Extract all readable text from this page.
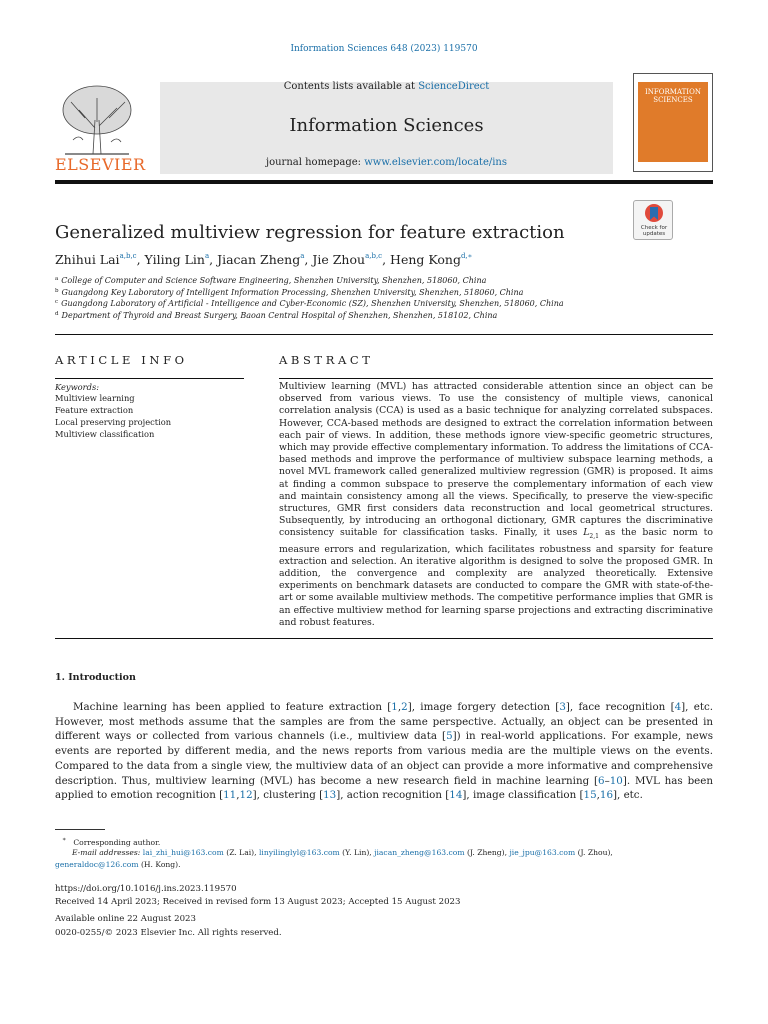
Information Sciences 648 (2023) 119570
ELSEVIER
Contents lists available at ScienceDirect
Information Sciences
journal homepage: www.elsevier.com/locate/ins
INFORMATION SCIENCES
Check for
updates
Generalized multiview regression for feature extraction
Zhihui Lai$^{a,b,c}$, Yiling Lin$^a$, Jiacan Zheng$^a$, Jie Zhou$^{a,b,c}$, Heng Kong$^{d,∗}$
$^a$ College of Computer and Science Software Engineering, Shenzhen University, Shenzhen, 518060, China
$^b$ Guangdong Key Laboratory of Intelligent Information Processing, Shenzhen University, Shenzhen, 518060, China
$^c$ Guangdong Laboratory of Artificial - Intelligence and Cyber-Economic (SZ), Shenzhen University, Shenzhen, 518060, China
$^d$ Department of Thyroid and Breast Surgery, Baoan Central Hospital of Shenzhen, Shenzhen, 518102, China
ARTICLE INFO
Keywords:
Multiview learning
Feature extraction
Local preserving projection
Multiview classification
ABSTRACT
Multiview learning (MVL) has attracted considerable attention since an object can be observed from various views. To use the consistency of multiple views, canonical correlation analysis (CCA) is used as a basic technique for analyzing correlated subspaces. However, CCA-based methods are designed to extract the correlation information between each pair of views. In addition, these methods ignore view-specific geometric structures, which may provide effective complementary information. To address the limitations of CCA-based methods and improve the performance of multiview subspace learning methods, a novel MVL framework called generalized multiview regression (GMR) is proposed. It aims at finding a common subspace to preserve the complementary information of each view and maintain consistency among all the views. Specifically, to preserve the view-specific structures, GMR first considers data reconstruction and local geometrical structures. Subsequently, by introducing an orthogonal dictionary, GMR captures the discriminative consistency suitable for classification tasks. Finally, it uses $L_{2,1}$ as the basic norm to measure errors and regularization, which facilitates robustness and sparsity for feature extraction and selection. An iterative algorithm is designed to solve the proposed GMR. In addition, the convergence and complexity are analyzed theoretically. Extensive experiments on benchmark datasets are conducted to compare the GMR with state-of-the-art or some available multiview methods. The competitive performance implies that GMR is an effective multiview method for learning sparse projections and extracting discriminative and robust features.
1. Introduction
Machine learning has been applied to feature extraction [1,2], image forgery detection [3], face recognition [4], etc. However, most methods assume that the samples are from the same perspective. Actually, an object can be presented in different ways or collected from various channels (i.e., multiview data [5]) in real-world applications. For example, news events are reported by different media, and the news reports from various media are the multiple views on the events. Compared to the data from a single view, the multiview data of an object can provide a more informative and comprehensive description. Thus, multiview learning (MVL) has become a new research field in machine learning [6–10]. MVL has been applied to emotion recognition [11,12], clustering [13], action recognition [14], image classification [15,16], etc.
∗ Corresponding author.
E-mail addresses: lai_zhi_hui@163.com (Z. Lai), linyilinglyl@163.com (Y. Lin), jiacan_zheng@163.com (J. Zheng), jie_jpu@163.com (J. Zhou),
generaldoc@126.com (H. Kong).
https://doi.org/10.1016/j.ins.2023.119570
Received 14 April 2023; Received in revised form 13 August 2023; Accepted 15 August 2023
Available online 22 August 2023
0020-0255/© 2023 Elsevier Inc. All rights reserved.
